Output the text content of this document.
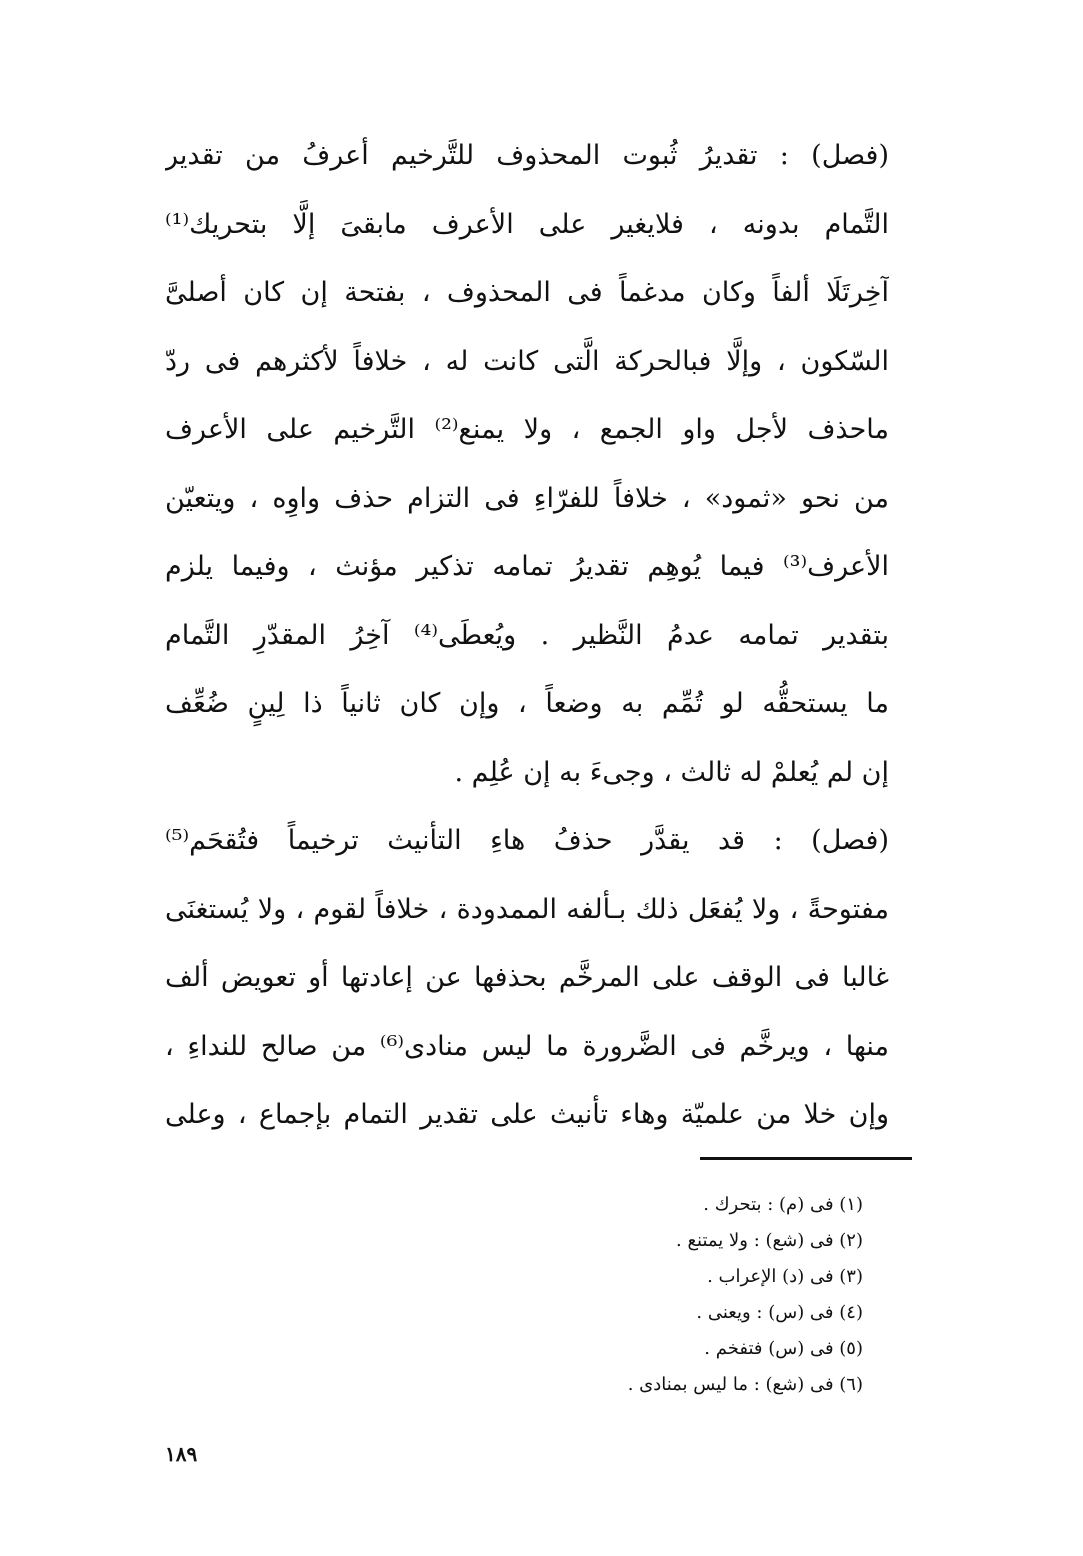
(فصل) : تقديرُ ثُبوت المحذوف للتَّرخيم أعرفُ من تقدير
التَّمام بدونه ، فلايغير على الأعرف مابقىَ إلَّا بتحريك⁽¹⁾
آخِرتَلَا ألفاً وكان مدغماً فى المحذوف ، بفتحة إن كان أصلىَّ
السّكون ، وإلَّا فبالحركة الَّتى كانت له ، خلافاً لأكثرهم فى ردّ
ماحذف لأجل واو الجمع ، ولا يمنع⁽²⁾ التَّرخيم على الأعرف
من نحو «ثمود» ، خلافاً للفرّاءِ فى التزام حذف واوِه ، ويتعيّن
الأعرف⁽³⁾ فيما يُوهِم تقديرُ تمامه تذكير مؤنث ، وفيما يلزم
بتقدير تمامه عدمُ النَّظير . ويُعطَى⁽⁴⁾ آخِرُ المقدّرِ التَّمام
ما يستحقُّه لو تُمِّم به وضعاً ، وإن كان ثانياً ذا لِينٍ ضُعِّف
إن لم يُعلمْ له ثالث ، وجىءَ به إن عُلِم .
(فصل) : قد يقدَّر حذفُ هاءِ التأنيث ترخيماً فتُقحَم⁽⁵⁾
مفتوحةً ، ولا يُفعَل ذلك بـألفه الممدودة ، خلافاً لقوم ، ولا يُستغنَى
غالبا فى الوقف على المرخَّم بحذفها عن إعادتها أو تعويض ألف
منها ، ويرخَّم فى الضَّرورة ما ليس منادى⁽⁶⁾ من صالح للنداءِ ،
وإن خلا من علميّة وهاء تأنيث على تقدير التمام بإجماع ، وعلى
(١) فى (م) : بتحرك .
(٢) فى (شع) : ولا يمتنع .
(٣) فى (د) الإعراب .
(٤) فى (س) : ويعنى .
(٥) فى (س) فتفخم .
(٦) فى (شع) : ما ليس بمنادى .
١٨٩
